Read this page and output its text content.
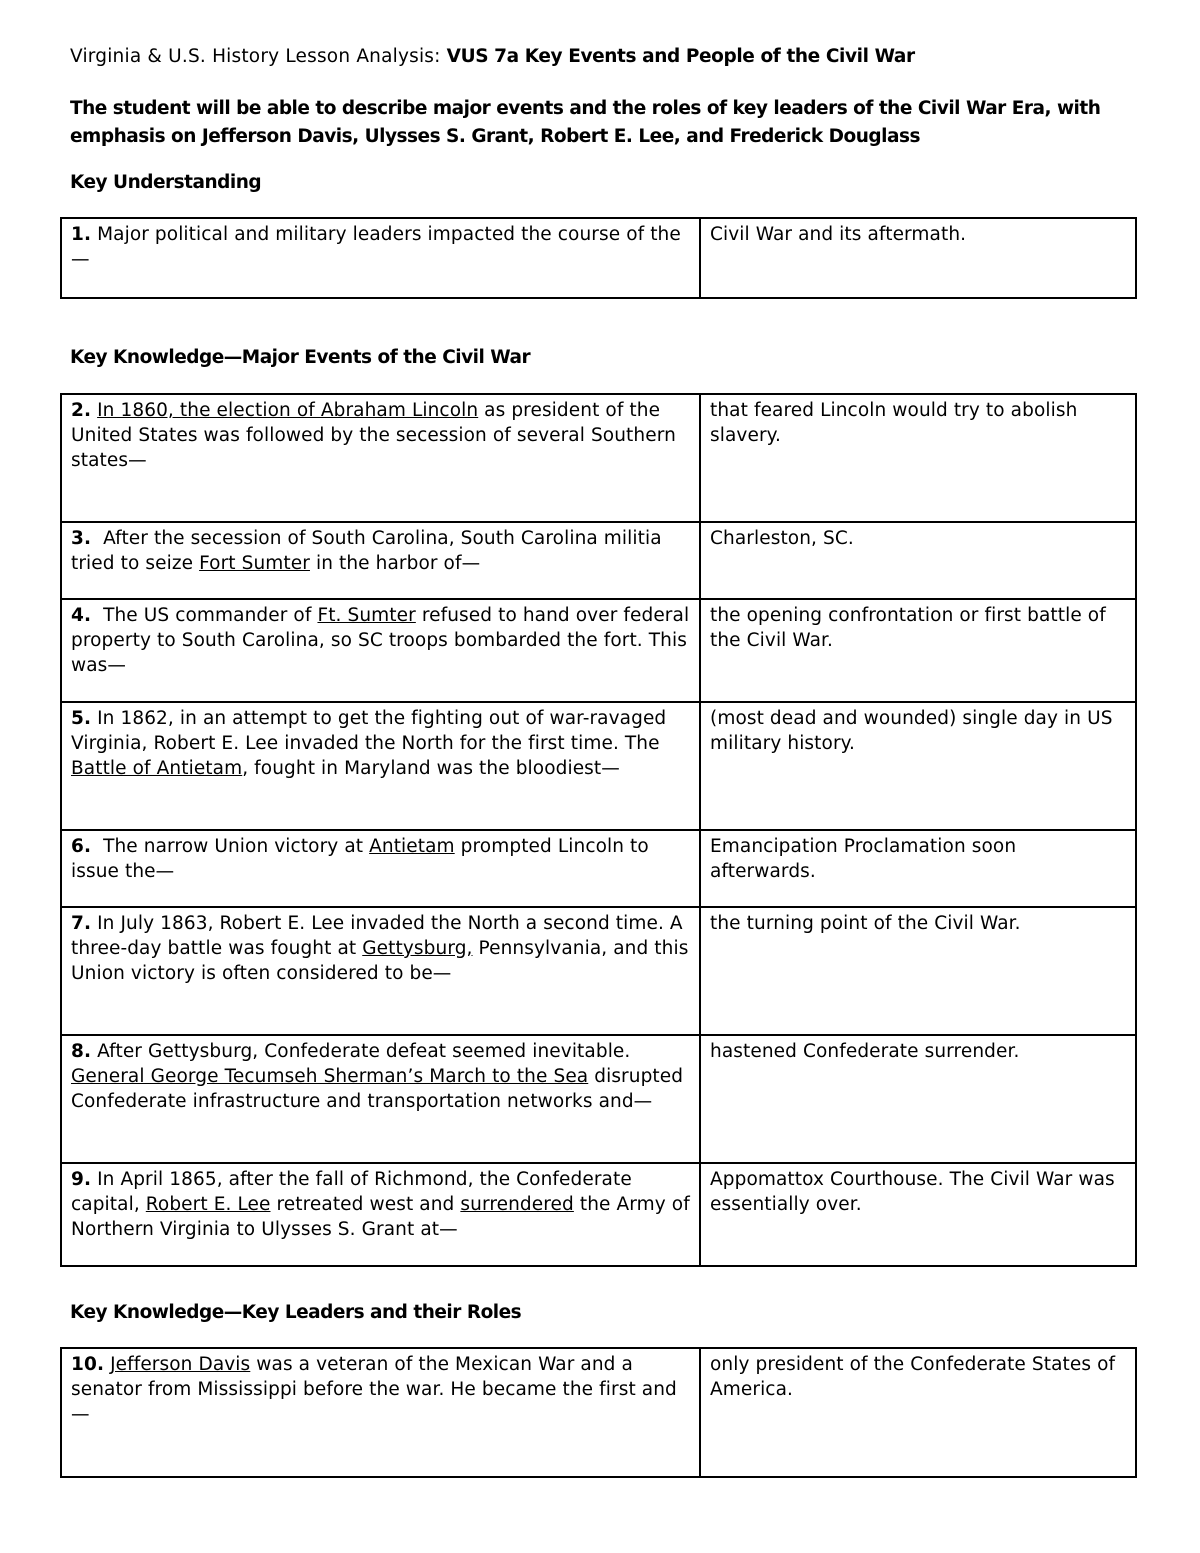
Virginia & U.S. History Lesson Analysis: VUS 7a Key Events and People of the Civil War
The student will be able to describe major events and the roles of key leaders of the Civil War Era, with emphasis on Jefferson Davis, Ulysses S. Grant, Robert E. Lee, and Frederick Douglass
Key Understanding
1. Major political and military leaders impacted the course of the—	Civil War and its aftermath.
Key Knowledge—Major Events of the Civil War
2. In 1860, the election of Abraham Lincoln as president of the United States was followed by the secession of several Southern states—	that feared Lincoln would try to abolish slavery.
3.  After the secession of South Carolina, South Carolina militia tried to seize Fort Sumter in the harbor of—	Charleston, SC.
4.  The US commander of Ft. Sumter refused to hand over federal property to South Carolina, so SC troops bombarded the fort. This was—	the opening confrontation or first battle of the Civil War.
5. In 1862, in an attempt to get the fighting out of war-ravaged Virginia, Robert E. Lee invaded the North for the first time. The Battle of Antietam, fought in Maryland was the bloodiest—	(most dead and wounded) single day in US military history.
6.  The narrow Union victory at Antietam prompted Lincoln to issue the—	Emancipation Proclamation soon afterwards.
7. In July 1863, Robert E. Lee invaded the North a second time. A three-day battle was fought at Gettysburg, Pennsylvania, and this Union victory is often considered to be—	the turning point of the Civil War.
8. After Gettysburg, Confederate defeat seemed inevitable. General George Tecumseh Sherman’s March to the Sea disrupted Confederate infrastructure and transportation networks and—	hastened Confederate surrender.
9. In April 1865, after the fall of Richmond, the Confederate capital, Robert E. Lee retreated west and surrendered the Army of Northern Virginia to Ulysses S. Grant at—	Appomattox Courthouse. The Civil War was essentially over.
Key Knowledge—Key Leaders and their Roles
10. Jefferson Davis was a veteran of the Mexican War and a senator from Mississippi before the war. He became the first and—	only president of the Confederate States of America.
